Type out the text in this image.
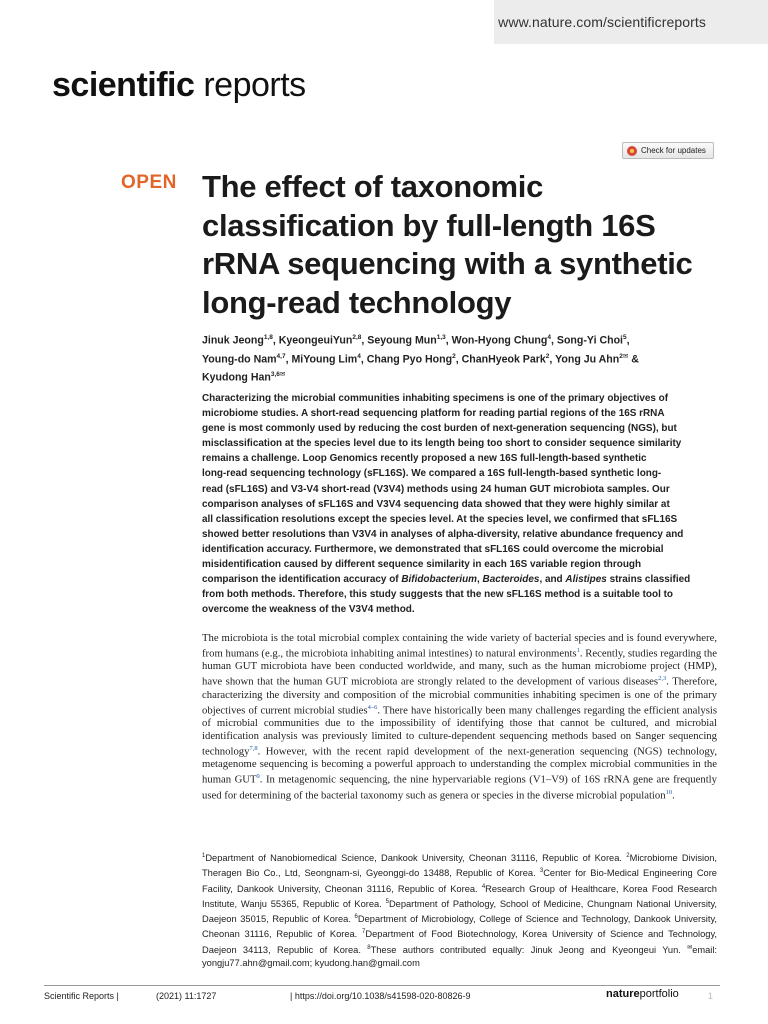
www.nature.com/scientificreports
scientific reports
Check for updates
OPEN The effect of taxonomic
classification by full-length 16S
rRNA sequencing with a synthetic
long-read technology
Jinuk Jeong$^{1,8}$, KyeongeuiYun$^{2,8}$, Seyoung Mun$^{1,3}$, Won-Hyong Chung$^4$, Song-Yi Choi$^5$,
Young-do Nam$^{4,7}$, MiYoung Lim$^4$, Chang Pyo Hong$^2$, ChanHyeok Park$^2$, Yong Ju Ahn$^{2✉}$ &
Kyudong Han$^{3,6✉}$

Characterizing the microbial communities inhabiting specimens is one of the primary objectives of

microbiome studies. A short-read sequencing platform for reading partial regions of the 16S rRNA

gene is most commonly used by reducing the cost burden of next-generation sequencing (NGS), but

misclassification at the species level due to its length being too short to consider sequence similarity

remains a challenge. Loop Genomics recently proposed a new 16S full-length-based synthetic

long-read sequencing technology (sFL16S). We compared a 16S full-length-based synthetic long-

read (sFL16S) and V3-V4 short-read (V3V4) methods using 24 human GUT microbiota samples. Our

comparison analyses of sFL16S and V3V4 sequencing data showed that they were highly similar at

all classification resolutions except the species level. At the species level, we confirmed that sFL16S

showed better resolutions than V3V4 in analyses of alpha-diversity, relative abundance frequency and

identification accuracy. Furthermore, we demonstrated that sFL16S could overcome the microbial

misidentification caused by different sequence similarity in each 16S variable region through

comparison the identification accuracy of Bifidobacterium, Bacteroides, and Alistipes strains classified

from both methods. Therefore, this study suggests that the new sFL16S method is a suitable tool to

overcome the weakness of the V3V4 method.

The microbiota is the total microbial complex containing the wide variety of bacterial species and is found everywhere, from humans (e.g., the microbiota inhabiting animal intestines) to natural environments$^1$. Recently, studies regarding the human GUT microbiota have been conducted worldwide, and many, such as the human microbiome project (HMP), have shown that the human GUT microbiota are strongly related to the development of various diseases$^{2,3}$. Therefore, characterizing the diversity and composition of the microbial communities inhabiting specimen is one of the primary objectives of current microbial studies$^{4-6}$. There have historically been many challenges regarding the efficient analysis of microbial communities due to the impossibility of identifying those that cannot be cultured, and microbial identification analysis was previously limited to culture-dependent sequencing methods based on Sanger sequencing technology$^{7,8}$. However, with the recent rapid development of the next-generation sequencing (NGS) technology, metagenome sequencing is becoming a powerful approach to understanding the complex microbial communities in the human GUT$^9$. In metagenomic sequencing, the nine hypervariable regions (V1–V9) of 16S rRNA gene are frequently used for determining of the bacterial taxonomy such as genera or species in the diverse microbial population$^{10}$.

$^1$Department of Nanobiomedical Science, Dankook University, Cheonan 31116, Republic of Korea. $^2$Microbiome Division, Theragen Bio Co., Ltd, Seongnam-si, Gyeonggi-do 13488, Republic of Korea. $^3$Center for Bio-Medical Engineering Core Facility, Dankook University, Cheonan 31116, Republic of Korea. $^4$Research Group of Healthcare, Korea Food Research Institute, Wanju 55365, Republic of Korea. $^5$Department of Pathology, School of Medicine, Chungnam National University, Daejeon 35015, Republic of Korea. $^6$Department of Microbiology, College of Science and Technology, Dankook University, Cheonan 31116, Republic of Korea. $^7$Department of Food Biotechnology, Korea University of Science and Technology, Daejeon 34113, Republic of Korea. $^8$These authors contributed equally: Jinuk Jeong and Kyeongeui Yun. ✉email: yongju77.ahn@gmail.com; kyudong.han@gmail.com
Scientific Reports |	(2021) 11:1727	| https://doi.org/10.1038/s41598-020-80826-9	natureportfolio	1
